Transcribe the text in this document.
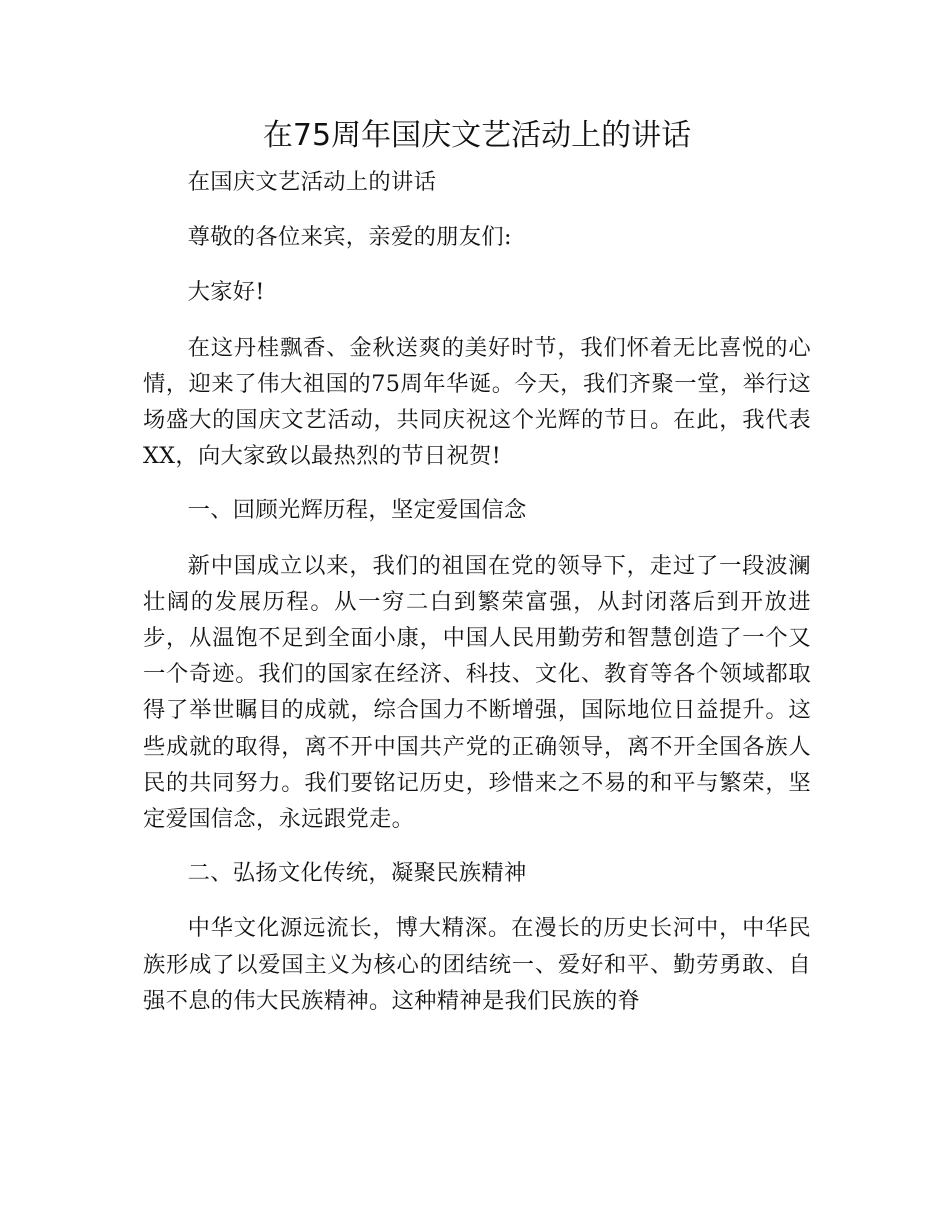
在75周年国庆文艺活动上的讲话

在国庆文艺活动上的讲话

尊敬的各位来宾，亲爱的朋友们:

大家好!

在这丹桂飘香、金秋送爽的美好时节，我们怀着无比喜悦的心情，迎来了伟大祖国的75周年华诞。今天，我们齐聚一堂，举行这场盛大的国庆文艺活动，共同庆祝这个光辉的节日。在此，我代表XX，向大家致以最热烈的节日祝贺!

一、回顾光辉历程，坚定爱国信念

新中国成立以来，我们的祖国在党的领导下，走过了一段波澜壮阔的发展历程。从一穷二白到繁荣富强，从封闭落后到开放进步，从温饱不足到全面小康，中国人民用勤劳和智慧创造了一个又一个奇迹。我们的国家在经济、科技、文化、教育等各个领域都取得了举世瞩目的成就，综合国力不断增强，国际地位日益提升。这些成就的取得，离不开中国共产党的正确领导，离不开全国各族人民的共同努力。我们要铭记历史，珍惜来之不易的和平与繁荣，坚定爱国信念，永远跟党走。

二、弘扬文化传统，凝聚民族精神

中华文化源远流长，博大精深。在漫长的历史长河中，中华民族形成了以爱国主义为核心的团结统一、爱好和平、勤劳勇敢、自强不息的伟大民族精神。这种精神是我们民族的脊
